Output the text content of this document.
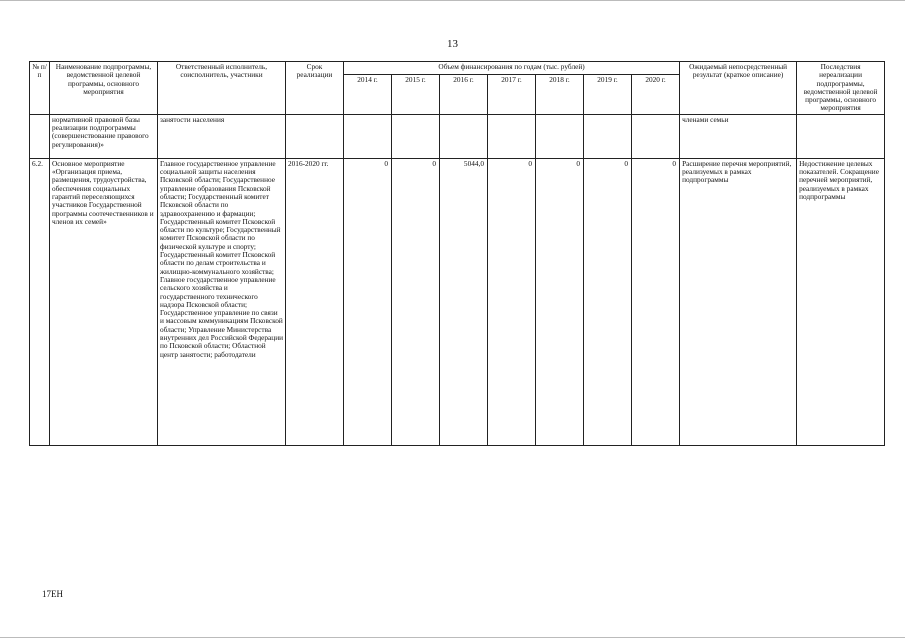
13
№ п/п	Наименование подпрограммы, ведомственной целевой программы, основного мероприятия	Ответственный исполнитель, соисполнитель, участники	Срок реализации	Объем финансирования по годам (тыс. рублей)							Ожидаемый непосредственный результат (краткое описание)	Последствия нереализации подпрограммы, ведомственной целевой программы, основного мероприятия
				2014 г.	2015 г.	2016 г.	2017 г.	2018 г.	2019 г.	2020 г.		
	нормативной правовой базы реализации подпрограммы (совершенствование правового регулирования)»	занятости населения									членами семьи	
6.2.	Основное мероприятие «Организация приема, размещения, трудоустройства, обеспечения социальных гарантий переселяющихся участников Государственной программы соотечественников и членов их семей»	Главное государственное управление социальной защиты населения Псковской области; Государственное управление образования Псковской области; Государственный комитет Псковской области по здравоохранению и фармации; Государственный комитет Псковской области по культуре; Государственный комитет Псковской области по физической культуре и спорту; Государственный комитет Псковской области по делам строительства и жилищно-коммунального хозяйства; Главное государственное управление сельского хозяйства и государственного технического надзора Псковской области; Государственное управление по связи и массовым коммуникациям Псковской области; Управление Министерства внутренних дел Российской Федерации по Псковской области; Областной центр занятости; работодатели	2016-2020 гг.	0	0	5044,0	0	0	0	0	Расширение перечня мероприятий, реализуемых в рамках подпрограммы	Недостижение целевых показателей. Сокращение перечней мероприятий, реализуемых в рамках подпрограммы
17EH
